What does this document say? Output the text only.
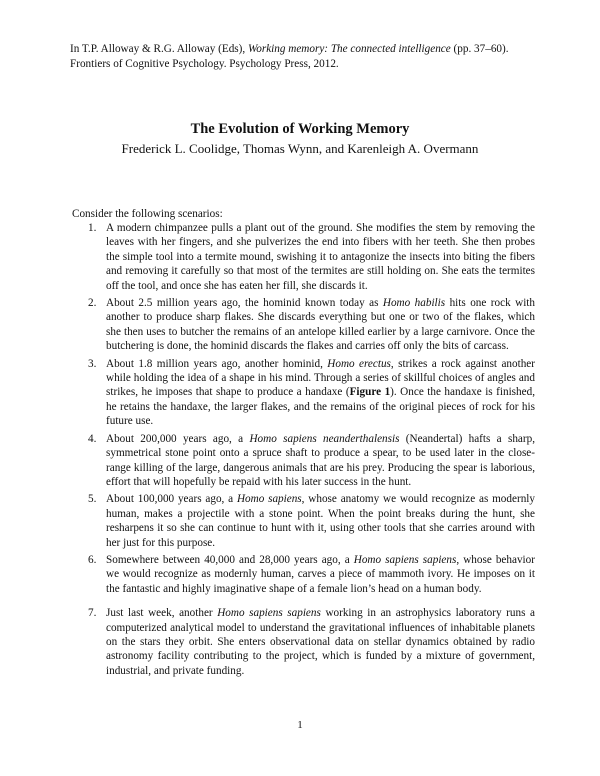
In T.P. Alloway & R.G. Alloway (Eds), Working memory: The connected intelligence (pp. 37–60). Frontiers of Cognitive Psychology. Psychology Press, 2012.
The Evolution of Working Memory
Frederick L. Coolidge, Thomas Wynn, and Karenleigh A. Overmann
Consider the following scenarios:
1. A modern chimpanzee pulls a plant out of the ground. She modifies the stem by removing the leaves with her fingers, and she pulverizes the end into fibers with her teeth. She then probes the simple tool into a termite mound, swishing it to antagonize the insects into biting the fibers and removing it carefully so that most of the termites are still holding on. She eats the termites off the tool, and once she has eaten her fill, she discards it.
2. About 2.5 million years ago, the hominid known today as Homo habilis hits one rock with another to produce sharp flakes. She discards everything but one or two of the flakes, which she then uses to butcher the remains of an antelope killed earlier by a large carnivore. Once the butchering is done, the hominid discards the flakes and carries off only the bits of carcass.
3. About 1.8 million years ago, another hominid, Homo erectus, strikes a rock against another while holding the idea of a shape in his mind. Through a series of skillful choices of angles and strikes, he imposes that shape to produce a handaxe (Figure 1). Once the handaxe is finished, he retains the handaxe, the larger flakes, and the remains of the original pieces of rock for his future use.
4. About 200,000 years ago, a Homo sapiens neanderthalensis (Neandertal) hafts a sharp, symmetrical stone point onto a spruce shaft to produce a spear, to be used later in the close-range killing of the large, dangerous animals that are his prey. Producing the spear is laborious, effort that will hopefully be repaid with his later success in the hunt.
5. About 100,000 years ago, a Homo sapiens, whose anatomy we would recognize as modernly human, makes a projectile with a stone point. When the point breaks during the hunt, she resharpens it so she can continue to hunt with it, using other tools that she carries around with her just for this purpose.
6. Somewhere between 40,000 and 28,000 years ago, a Homo sapiens sapiens, whose behavior we would recognize as modernly human, carves a piece of mammoth ivory. He imposes on it the fantastic and highly imaginative shape of a female lion’s head on a human body.
7. Just last week, another Homo sapiens sapiens working in an astrophysics laboratory runs a computerized analytical model to understand the gravitational influences of inhabitable planets on the stars they orbit. She enters observational data on stellar dynamics obtained by radio astronomy facility contributing to the project, which is funded by a mixture of government, industrial, and private funding.
1
